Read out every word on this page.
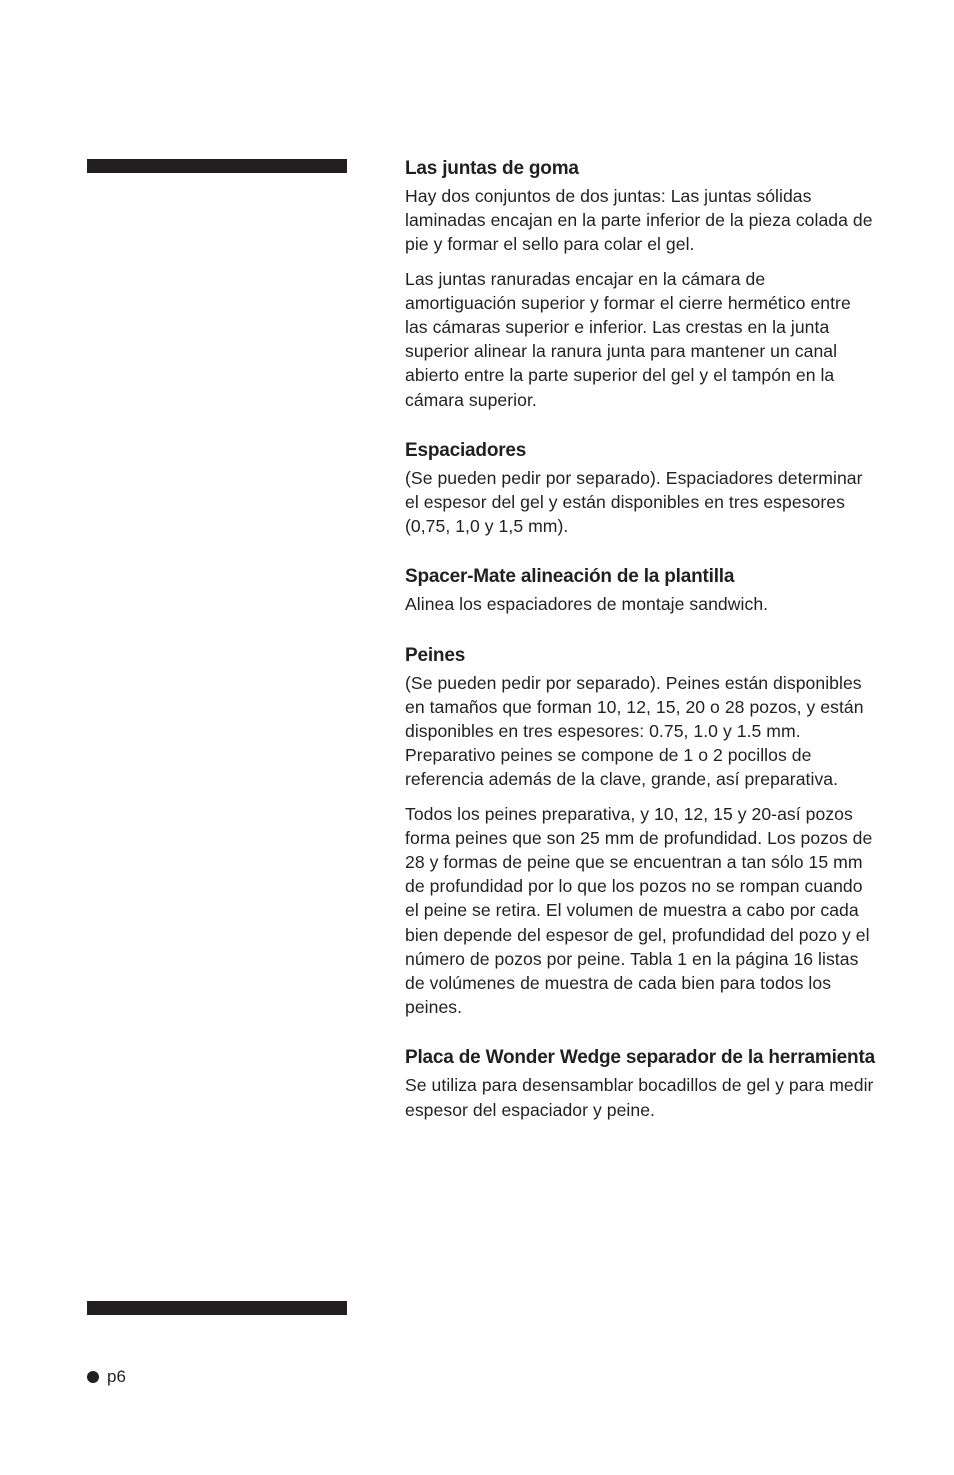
Las juntas de goma

Hay dos conjuntos de dos juntas: Las juntas sólidas laminadas encajan en la parte inferior de la pieza colada de pie y formar el sello para colar el gel.

Las juntas ranuradas encajar en la cámara de amortiguación superior y formar el cierre hermético entre las cámaras superior e inferior. Las crestas en la junta superior alinear la ranura junta para mantener un canal abierto entre la parte superior del gel y el tampón en la cámara superior.

Espaciadores

(Se pueden pedir por separado). Espaciadores determinar el espesor del gel y están disponibles en tres espesores (0,75, 1,0 y 1,5 mm).

Spacer-Mate alineación de la plantilla

Alinea los espaciadores de montaje sandwich.

Peines

(Se pueden pedir por separado). Peines están disponibles en tamaños que forman 10, 12, 15, 20 o 28 pozos, y están disponibles en tres espesores: 0.75, 1.0 y 1.5 mm. Preparativo peines se compone de 1 o 2 pocillos de referencia además de la clave, grande, así preparativa.

Todos los peines preparativa, y 10, 12, 15 y 20-así pozos forma peines que son 25 mm de profundidad. Los pozos de 28 y formas de peine que se encuentran a tan sólo 15 mm de profundidad por lo que los pozos no se rompan cuando el peine se retira. El volumen de muestra a cabo por cada bien depende del espesor de gel, profundidad del pozo y el número de pozos por peine. Tabla 1 en la página 16 listas de volúmenes de muestra de cada bien para todos los peines.

Placa de Wonder Wedge separador de la herramienta

Se utiliza para desensamblar bocadillos de gel y para medir espesor del espaciador y peine.

p6
